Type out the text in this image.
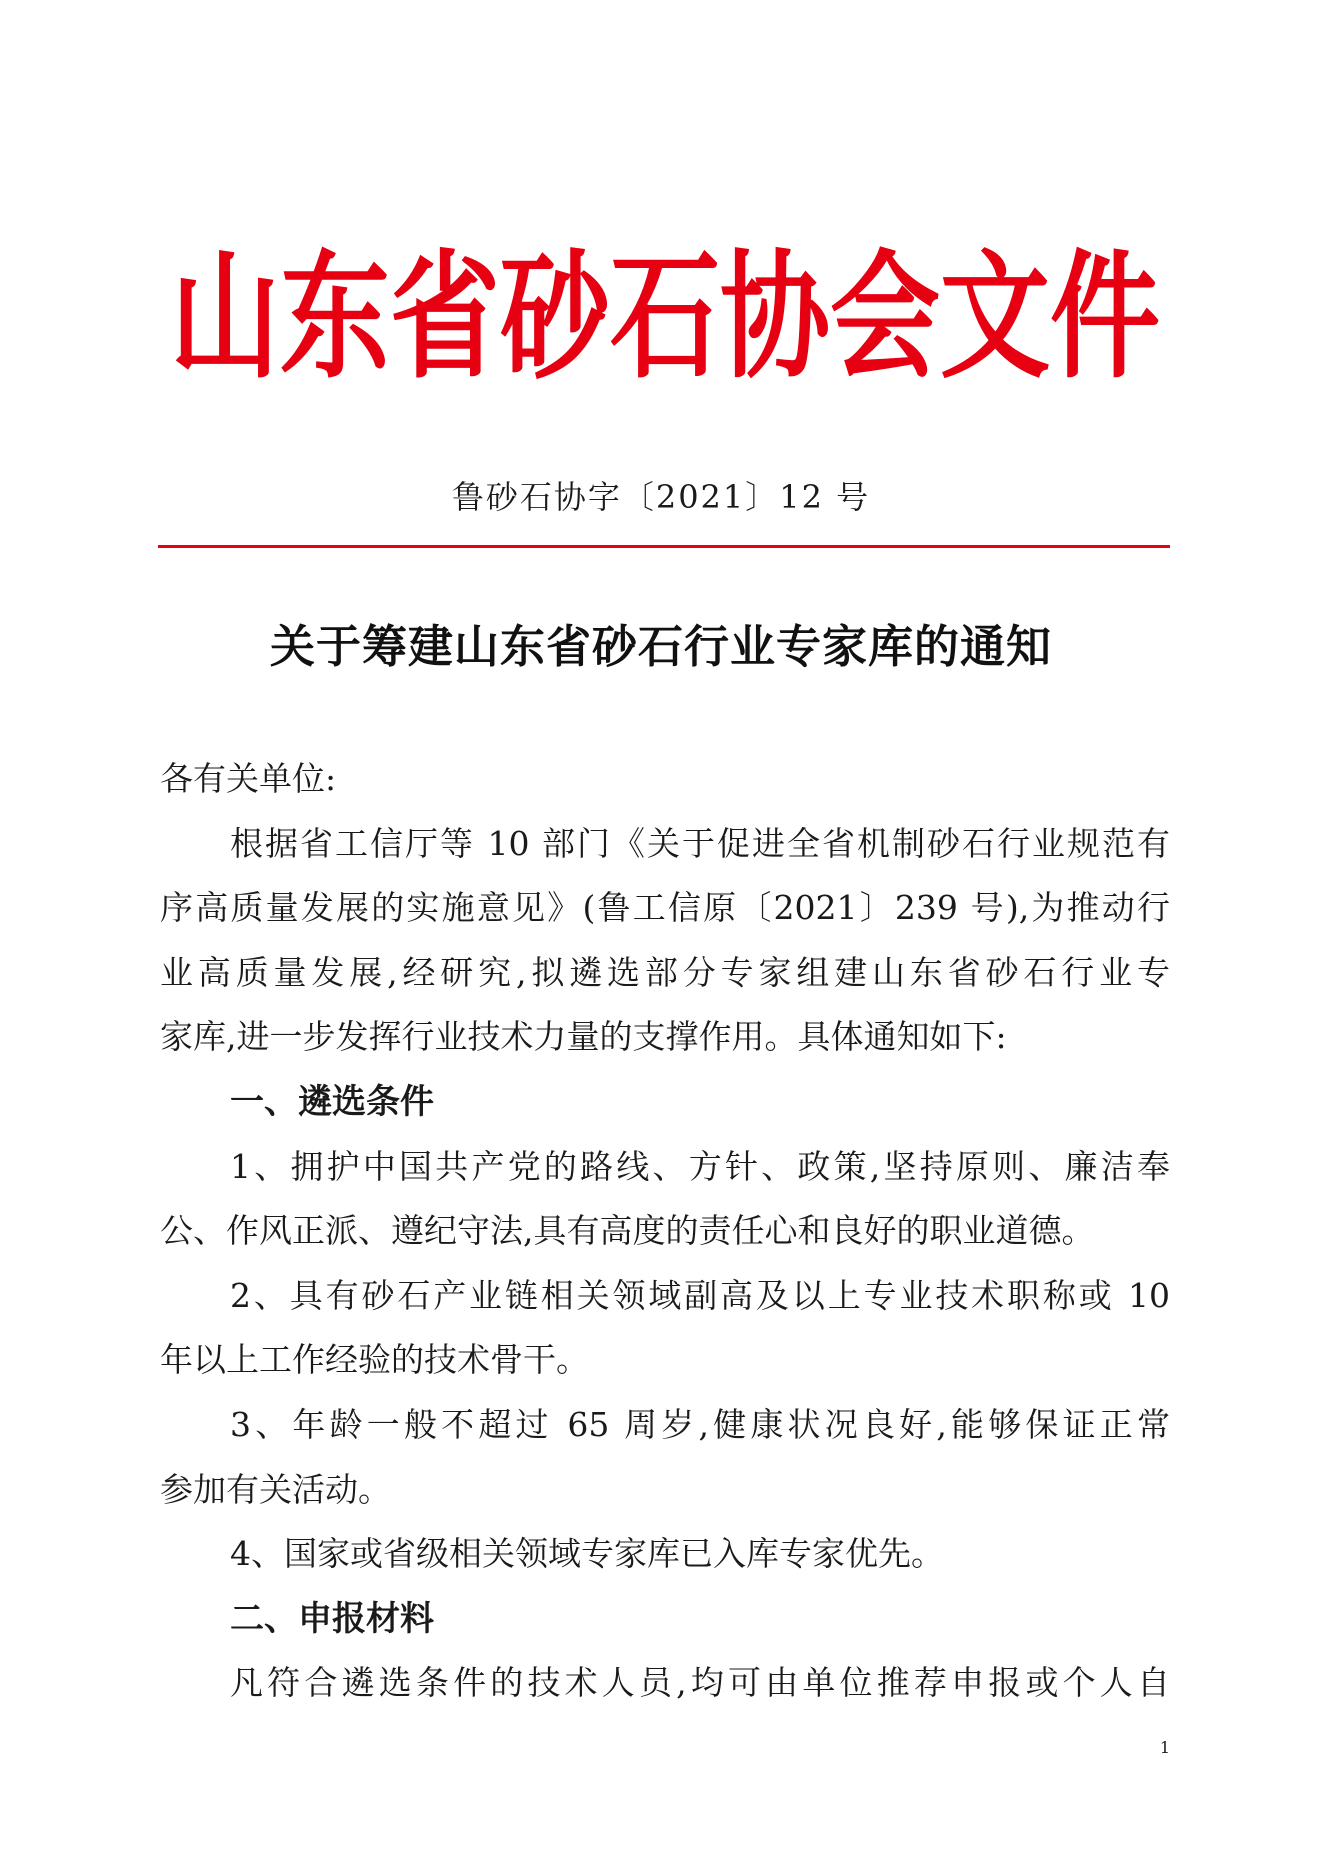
山东省砂石协会文件
鲁砂石协字〔2021〕12 号
关于筹建山东省砂石行业专家库的通知
各有关单位:
根据省工信厅等 10 部门《关于促进全省机制砂石行业规范有
序高质量发展的实施意见》(鲁工信原〔2021〕239 号),为推动行
业高质量发展,经研究,拟遴选部分专家组建山东省砂石行业专
家库,进一步发挥行业技术力量的支撑作用。具体通知如下:
一、遴选条件
1、拥护中国共产党的路线、方针、政策,坚持原则、廉洁奉
公、作风正派、遵纪守法,具有高度的责任心和良好的职业道德。
2、具有砂石产业链相关领域副高及以上专业技术职称或 10
年以上工作经验的技术骨干。
3、年龄一般不超过 65 周岁,健康状况良好,能够保证正常
参加有关活动。
4、国家或省级相关领域专家库已入库专家优先。
二、申报材料
凡符合遴选条件的技术人员,均可由单位推荐申报或个人自
1
